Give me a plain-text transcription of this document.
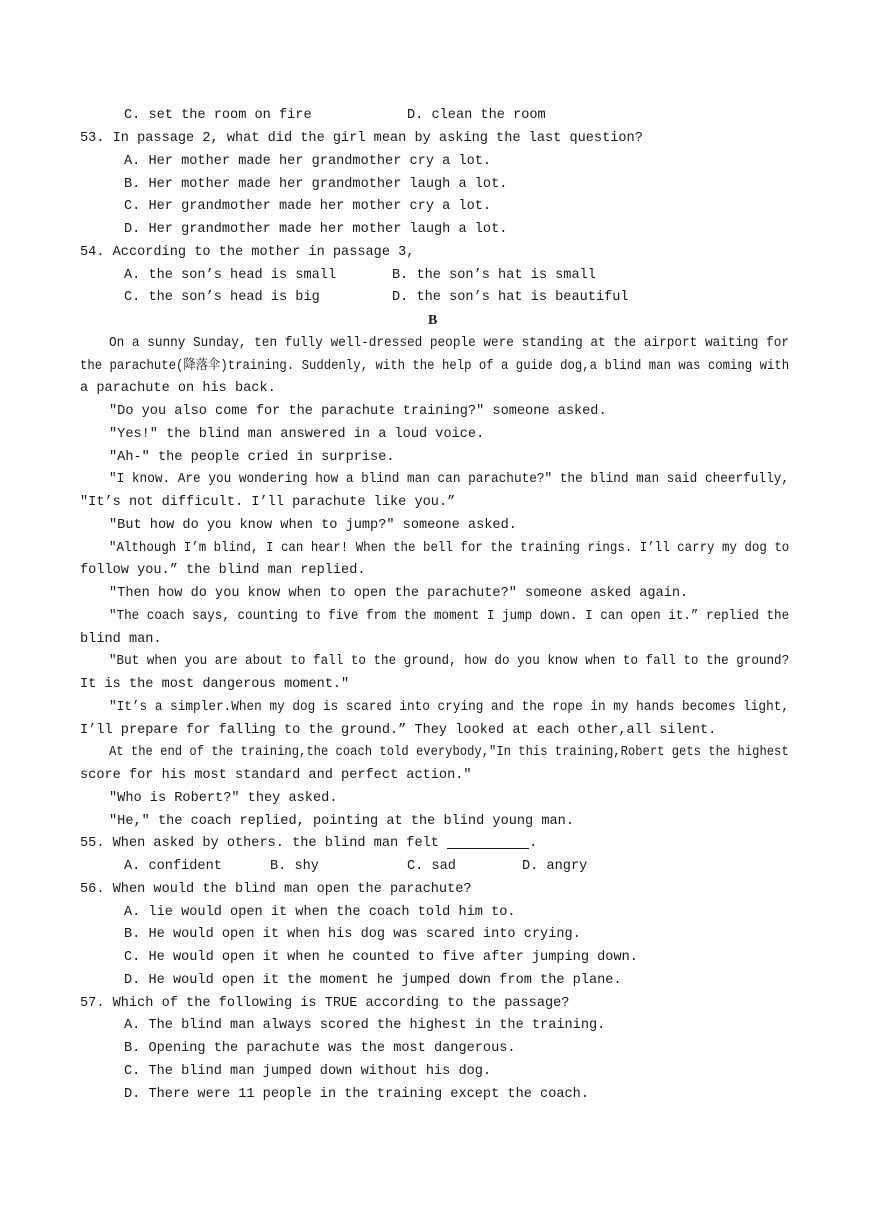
C. set the room on fire

	D. clean the room

53. In passage 2, what did the girl mean by asking the last question?
A. Her mother made her grandmother cry a lot.
B. Her mother made her grandmother laugh a lot.
C. Her grandmother made her mother cry a lot.
D. Her grandmother made her mother laugh a lot.
54. According to the mother in passage 3,

A. the son’s head is small

	B. the son’s hat is small

C. the son’s head is big

	D. the son’s hat is beautiful

B
On a sunny Sunday, ten fully well-dressed people were standing at the airport waiting for
the parachute(降落伞)training. Suddenly, with the help of a guide dog,a blind man was coming with
a parachute on his back.
"Do you also come for the parachute training?" someone asked.
"Yes!" the blind man answered in a loud voice.
"Ah-" the people cried in surprise.
"I know. Are you wondering how a blind man can parachute?" the blind man said cheerfully,
"It’s not difficult. I’ll parachute like you.”
"But how do you know when to jump?" someone asked.
"Although I’m blind, I can hear! When the bell for the training rings. I’ll carry my dog to
follow you.” the blind man replied.
"Then how do you know when to open the parachute?" someone asked again.
"The coach says, counting to five from the moment I jump down. I can open it.” replied the
blind man.
"But when you are about to fall to the ground, how do you know when to fall to the ground?
It is the most dangerous moment."
"It’s a simpler.When my dog is scared into crying and the rope in my hands becomes light,
I’ll prepare for falling to the ground.” They looked at each other,all silent.
At the end of the training,the coach told everybody,"In this training,Robert gets the highest
score for his most standard and perfect action."
"Who is Robert?" they asked.
"He," the coach replied, pointing at the blind young man.
55. When asked by others. the blind man felt	.

A. confident

	B. shy

	C. sad

	D. angry

56. When would the blind man open the parachute?
A. lie would open it when the coach told him to.
B. He would open it when his dog was scared into crying.
C. He would open it when he counted to five after jumping down.
D. He would open it the moment he jumped down from the plane.
57. Which of the following is TRUE according to the passage?
A. The blind man always scored the highest in the training.
B. Opening the parachute was the most dangerous.
C. The blind man jumped down without his dog.
D. There were 11 people in the training except the coach.
